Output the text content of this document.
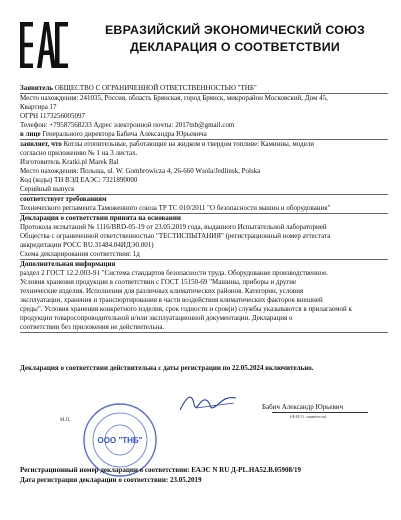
ЕВРАЗИЙСКИЙ ЭКОНОМИЧЕСКИЙ СОЮЗ
ДЕКЛАРАЦИЯ О СООТВЕТСТВИИ
Заявитель ОБЩЕСТВО С ОГРАНИЧЕННОЙ ОТВЕТСТВЕННОСТЬЮ "ТНБ"
Место нахождения: 241035, Россия, область Брянская, город Брянск, микрорайон Московский, Дом 45,
Квартира 17
ОГРН 1173256005097
Телефон: +79587568233 Адрес электронной почты: 2017tnb@gmail.com
в лице Генерального директора Бабича Александра Юрьевича
заявляет, что Котлы отопительные, работающие на жидком и твердом топливе: Каминны, модели
согласно приложению № 1 на 3 листах.
Изготовитель Kratki.pl Marek Bal
Место нахождения: Польша, ul. W. Gombrowicza 4, 26-660 Wsola/Jedlinsk, Polska
Код (коды) ТН ВЭД ЕАЭС: 7321890000
Серийный выпуск
соответствует требованиям
Технического регламента Таможенного союза ТР ТС 010/2011 "О безопасности машин и оборудования"
Декларация о соответствии принята на основании
Протокола испытаний № 1116/BRD-05-19 от 23.05.2019 года, выданного Испытательной лабораторией
Общества с ограниченной ответственностью "ТЕСТИСПЫТАНИЯ" (регистрационный номер аттестата
аккредитации РОСС RU.31484.04ИДЭ0.001)
Схема декларирования соответствия: 1д
Дополнительная информация
раздел 2 ГОСТ 12.2.003-91 "Система стандартов безопасности труда. Оборудование производственное.
Условия хранения продукции в соответствии с ГОСТ 15150-69 "Машины, приборы и другие
технические изделия. Исполнения для различных климатических районов. Категории, условия
эксплуатации, хранения и транспортирования в части воздействия климатических факторов внешней
среды". Условия хранения конкретного изделия, срок годности и срок(и) службы указываются в прилагаемой к
продукции товаросопроводительной и/или эксплуатационной документации. Декларация о
соответствии без приложения не действительна.
Декларация о соответствии действительна с даты регистрации по 22.05.2024 включительно.
Бабич Александр Юрьевич
(Ф.И.О. заявителя)
М.П.
ООО "ТНБ"
Регистрационный номер декларации о соответствии: ЕАЭС N RU Д-PL.HA52.B.05908/19
Дата регистрации декларации о соответствии: 23.05.2019
